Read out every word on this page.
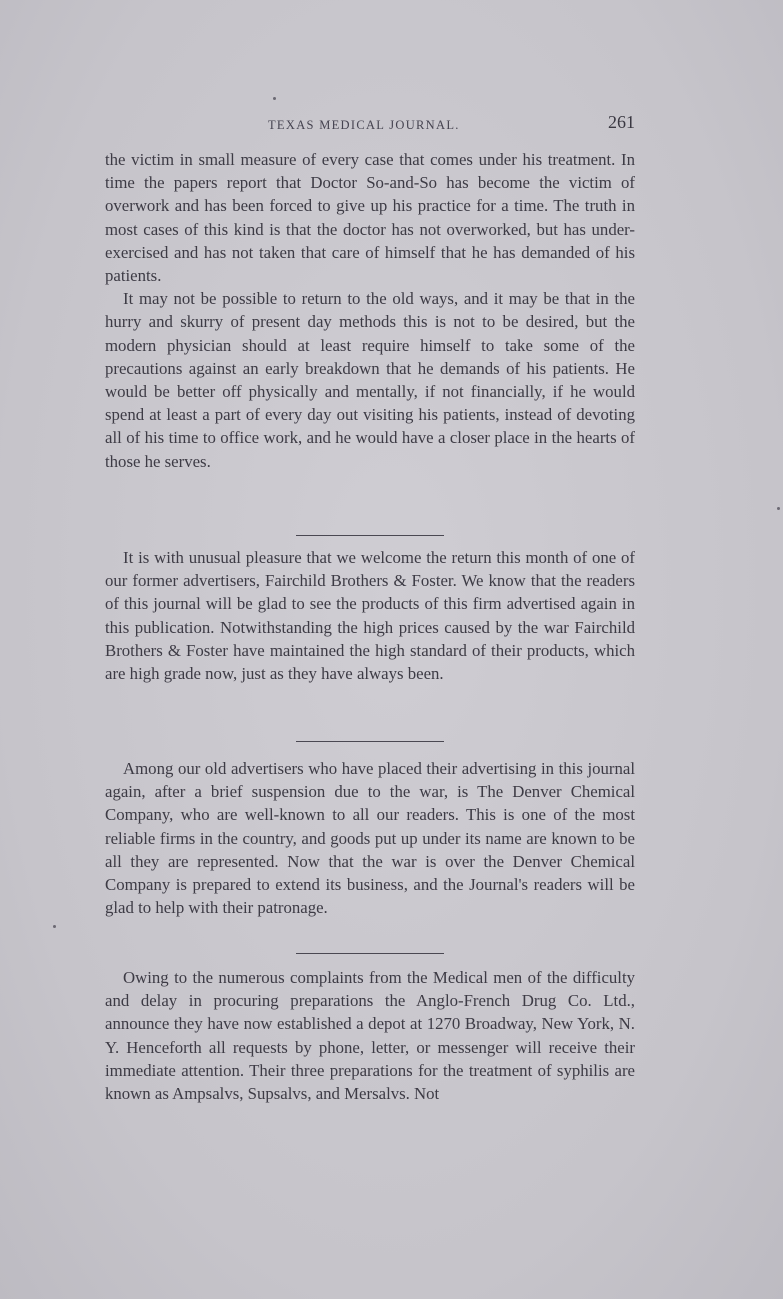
TEXAS MEDICAL JOURNAL.	261

the victim in small measure of every case that comes under his treatment. In time the papers report that Doctor So-and-So has become the victim of overwork and has been forced to give up his practice for a time. The truth in most cases of this kind is that the doctor has not overworked, but has under-exercised and has not taken that care of himself that he has demanded of his patients.

It may not be possible to return to the old ways, and it may be that in the hurry and skurry of present day methods this is not to be desired, but the modern physician should at least require himself to take some of the precautions against an early breakdown that he demands of his patients. He would be better off physically and mentally, if not financially, if he would spend at least a part of every day out visiting his patients, instead of devoting all of his time to office work, and he would have a closer place in the hearts of those he serves.

It is with unusual pleasure that we welcome the return this month of one of our former advertisers, Fairchild Brothers & Foster. We know that the readers of this journal will be glad to see the products of this firm advertised again in this publication. Notwithstanding the high prices caused by the war Fairchild Brothers & Foster have maintained the high standard of their products, which are high grade now, just as they have always been.

Among our old advertisers who have placed their advertising in this journal again, after a brief suspension due to the war, is The Denver Chemical Company, who are well-known to all our readers. This is one of the most reliable firms in the country, and goods put up under its name are known to be all they are represented. Now that the war is over the Denver Chemical Company is prepared to extend its business, and the Journal's readers will be glad to help with their patronage.

Owing to the numerous complaints from the Medical men of the difficulty and delay in procuring preparations the Anglo-French Drug Co. Ltd., announce they have now established a depot at 1270 Broadway, New York, N. Y. Henceforth all requests by phone, letter, or messenger will receive their immediate attention. Their three preparations for the treatment of syphilis are known as Ampsalvs, Supsalvs, and Mersalvs. Not
